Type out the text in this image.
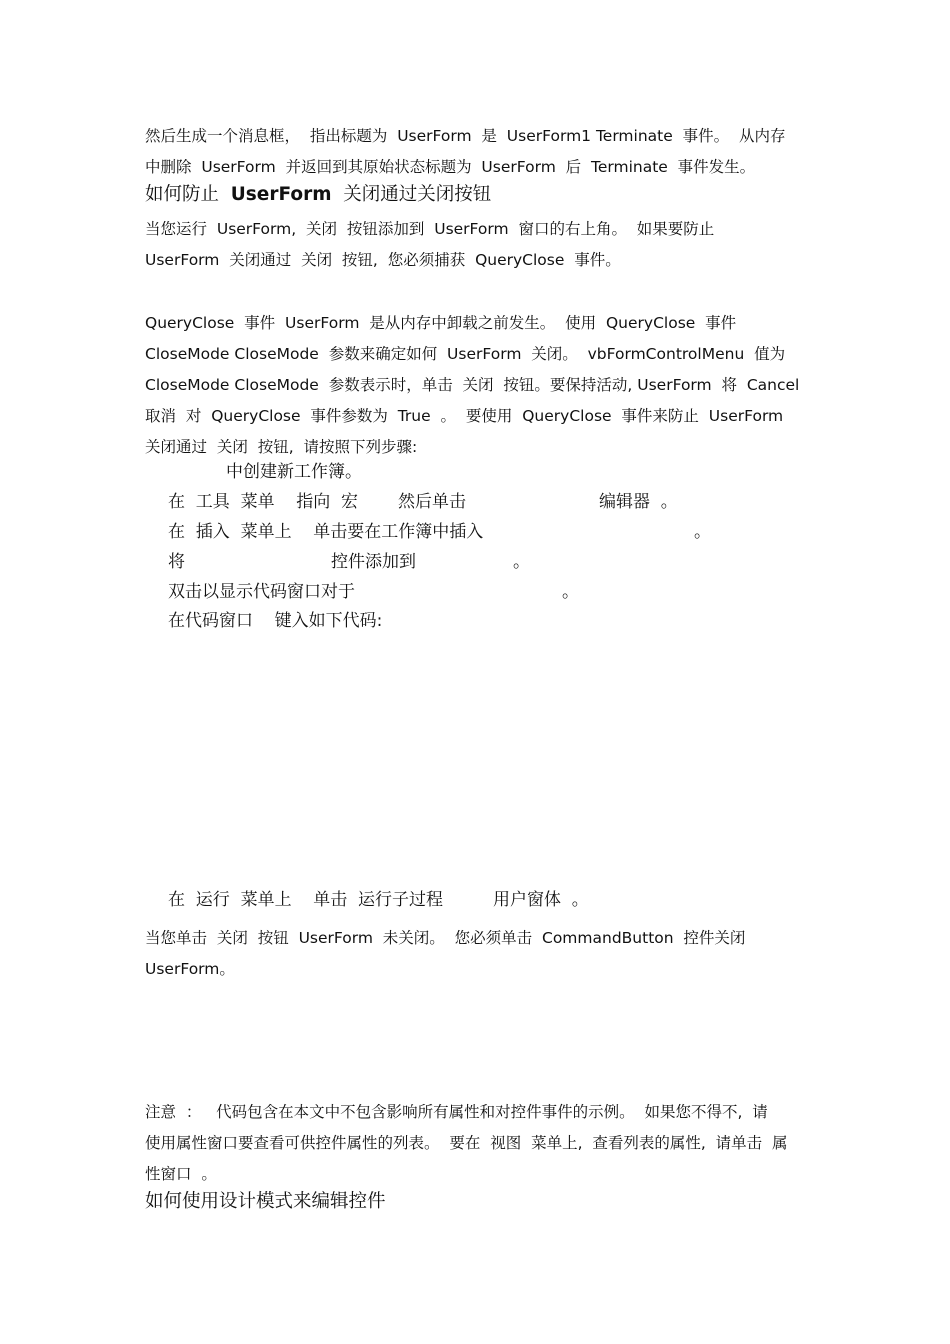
然后生成一个消息框，  指出标题为  UserForm  是  UserForm1 Terminate  事件。  从内存
中删除  UserForm  并返回到其原始状态标题为  UserForm  后  Terminate  事件发生。
如何防止  UserForm  关闭通过关闭按钮
当您运行  UserForm,  关闭  按钮添加到  UserForm  窗口的右上角。  如果要防止
UserForm  关闭通过  关闭  按钮,  您必须捕获  QueryClose  事件。
QueryClose  事件  UserForm  是从内存中卸载之前发生。  使用  QueryClose  事件
CloseMode CloseMode  参数来确定如何  UserForm  关闭。  vbFormControlMenu  值为
CloseMode CloseMode  参数表示时，单击  关闭  按钮。要保持活动, UserForm  将  Cancel
取消  对  QueryClose  事件参数为  True  。  要使用  QueryClose  事件来防止  UserForm
关闭通过  关闭  按钮,  请按照下列步骤:
中创建新工作簿。
在  工具  菜单    指向  宏 然后单击	编辑器  。
在  插入  菜单上    单击要在工作簿中插入	。
将	控件添加到	。
双击以显示代码窗口对于	。
在代码窗口    键入如下代码:
在  运行  菜单上    单击  运行子过程	用户窗体  。
当您单击  关闭  按钮  UserForm  未关闭。  您必须单击  CommandButton  控件关闭
UserForm。
注意  ：   代码包含在本文中不包含影响所有属性和对控件事件的示例。  如果您不得不,  请
使用属性窗口要查看可供控件属性的列表。  要在  视图  菜单上,  查看列表的属性,  请单击  属
性窗口  。
如何使用设计模式来编辑控件
